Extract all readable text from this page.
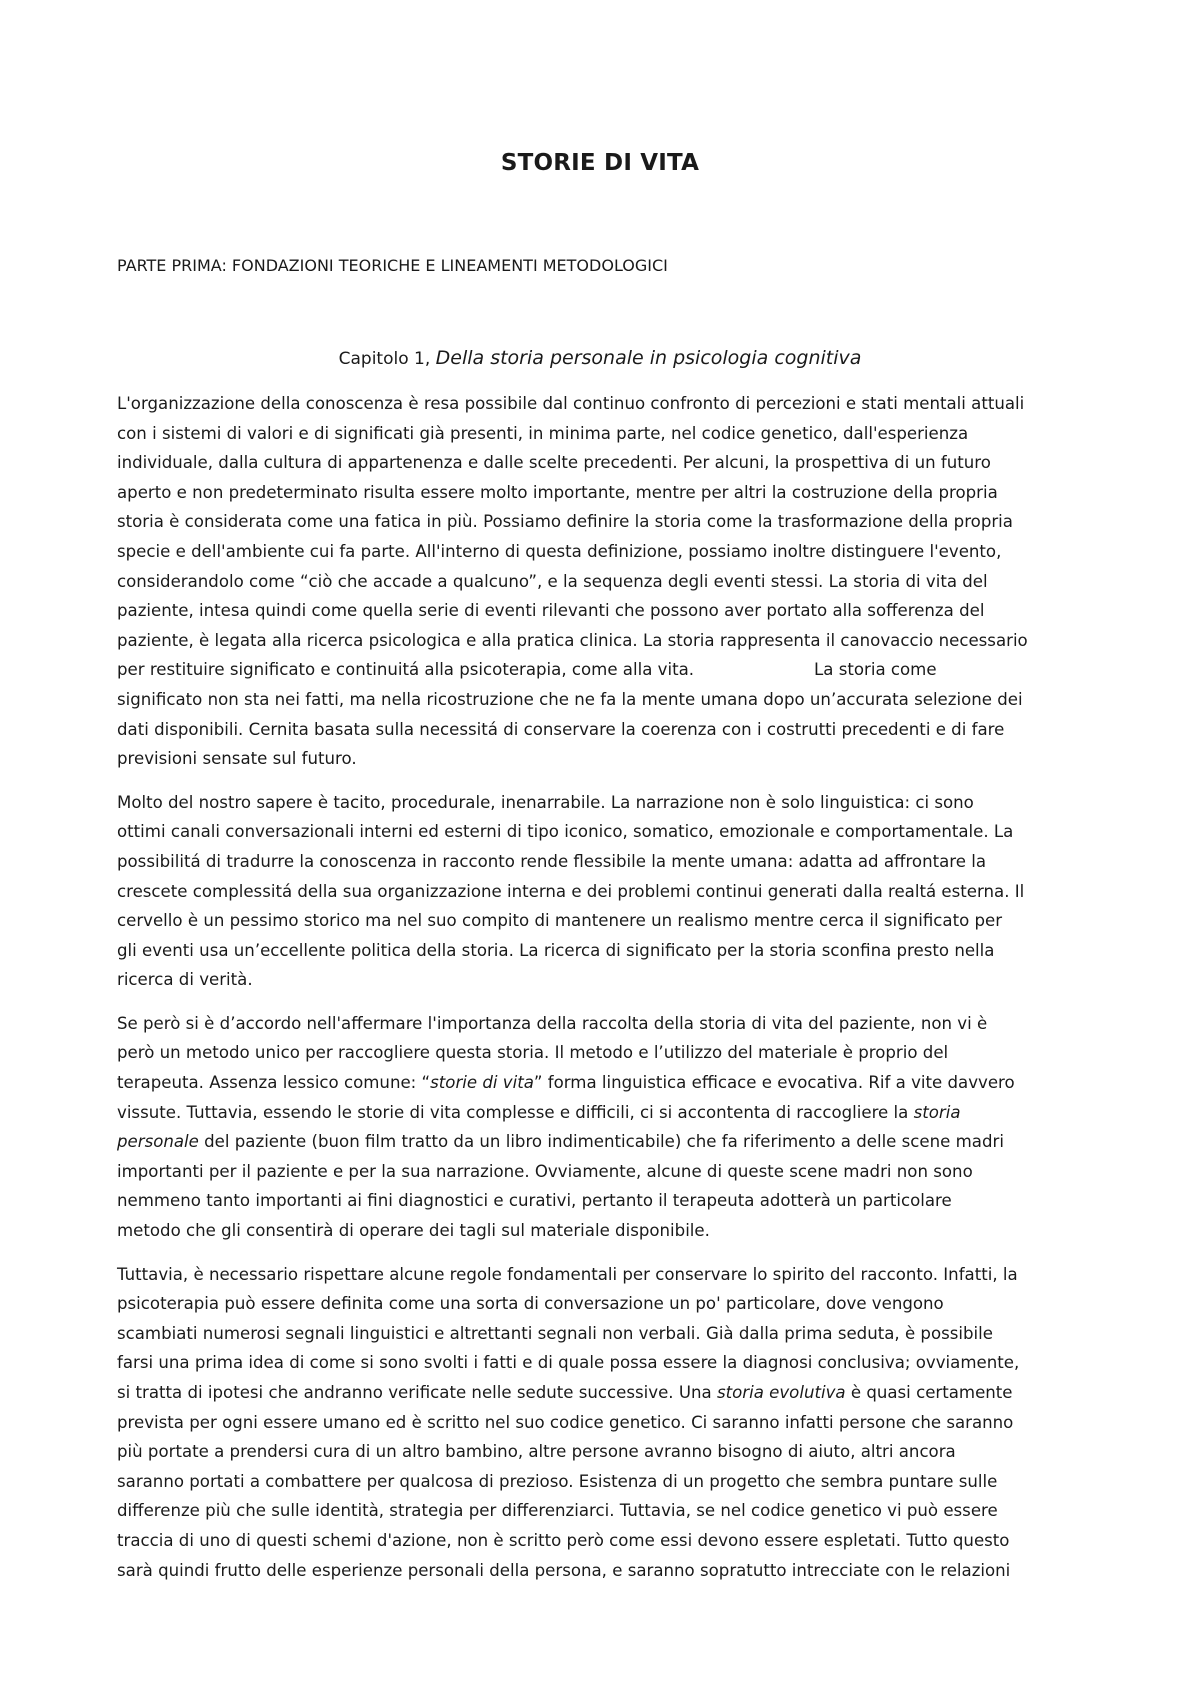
STORIE DI VITA

PARTE PRIMA: FONDAZIONI TEORICHE E LINEAMENTI METODOLOGICI

Capitolo 1, Della storia personale in psicologia cognitiva

L'organizzazione della conoscenza è resa possibile dal continuo confronto di percezioni e stati mentali attuali
con i sistemi di valori e di significati già presenti, in minima parte, nel codice genetico, dall'esperienza
individuale, dalla cultura di appartenenza e dalle scelte precedenti. Per alcuni, la prospettiva di un futuro
aperto e non predeterminato risulta essere molto importante, mentre per altri la costruzione della propria
storia è considerata come una fatica in più. Possiamo definire la storia come la trasformazione della propria
specie e dell'ambiente cui fa parte. All'interno di questa definizione, possiamo inoltre distinguere l'evento,
considerandolo come “ciò che accade a qualcuno”, e la sequenza degli eventi stessi. La storia di vita del
paziente, intesa quindi come quella serie di eventi rilevanti che possono aver portato alla sofferenza del
paziente, è legata alla ricerca psicologica e alla pratica clinica. La storia rappresenta il canovaccio necessario
per restituire significato e continuitá alla psicoterapia, come alla vita.	La storia come
significato non sta nei fatti, ma nella ricostruzione che ne fa la mente umana dopo un’accurata selezione dei
dati disponibili. Cernita basata sulla necessitá di conservare la coerenza con i costrutti precedenti e di fare
previsioni sensate sul futuro.

Molto del nostro sapere è tacito, procedurale, inenarrabile. La narrazione non è solo linguistica: ci sono
ottimi canali conversazionali interni ed esterni di tipo iconico, somatico, emozionale e comportamentale. La
possibilitá di tradurre la conoscenza in racconto rende flessibile la mente umana: adatta ad affrontare la
crescete complessitá della sua organizzazione interna e dei problemi continui generati dalla realtá esterna. Il
cervello è un pessimo storico ma nel suo compito di mantenere un realismo mentre cerca il significato per
gli eventi usa un’eccellente politica della storia. La ricerca di significato per la storia sconfina presto nella
ricerca di verità.

Se però si è d’accordo nell'affermare l'importanza della raccolta della storia di vita del paziente, non vi è
però un metodo unico per raccogliere questa storia. Il metodo e l’utilizzo del materiale è proprio del
terapeuta. Assenza lessico comune: “storie di vita” forma linguistica efficace e evocativa. Rif a vite davvero
vissute. Tuttavia, essendo le storie di vita complesse e difficili, ci si accontenta di raccogliere la storia
personale del paziente (buon film tratto da un libro indimenticabile) che fa riferimento a delle scene madri
importanti per il paziente e per la sua narrazione. Ovviamente, alcune di queste scene madri non sono
nemmeno tanto importanti ai fini diagnostici e curativi, pertanto il terapeuta adotterà un particolare
metodo che gli consentirà di operare dei tagli sul materiale disponibile.

Tuttavia, è necessario rispettare alcune regole fondamentali per conservare lo spirito del racconto. Infatti, la
psicoterapia può essere definita come una sorta di conversazione un po' particolare, dove vengono
scambiati numerosi segnali linguistici e altrettanti segnali non verbali. Già dalla prima seduta, è possibile
farsi una prima idea di come si sono svolti i fatti e di quale possa essere la diagnosi conclusiva; ovviamente,
si tratta di ipotesi che andranno verificate nelle sedute successive. Una storia evolutiva è quasi certamente
prevista per ogni essere umano ed è scritto nel suo codice genetico. Ci saranno infatti persone che saranno
più portate a prendersi cura di un altro bambino, altre persone avranno bisogno di aiuto, altri ancora
saranno portati a combattere per qualcosa di prezioso. Esistenza di un progetto che sembra puntare sulle
differenze più che sulle identità, strategia per differenziarci. Tuttavia, se nel codice genetico vi può essere
traccia di uno di questi schemi d'azione, non è scritto però come essi devono essere espletati. Tutto questo
sarà quindi frutto delle esperienze personali della persona, e saranno sopratutto intrecciate con le relazioni
